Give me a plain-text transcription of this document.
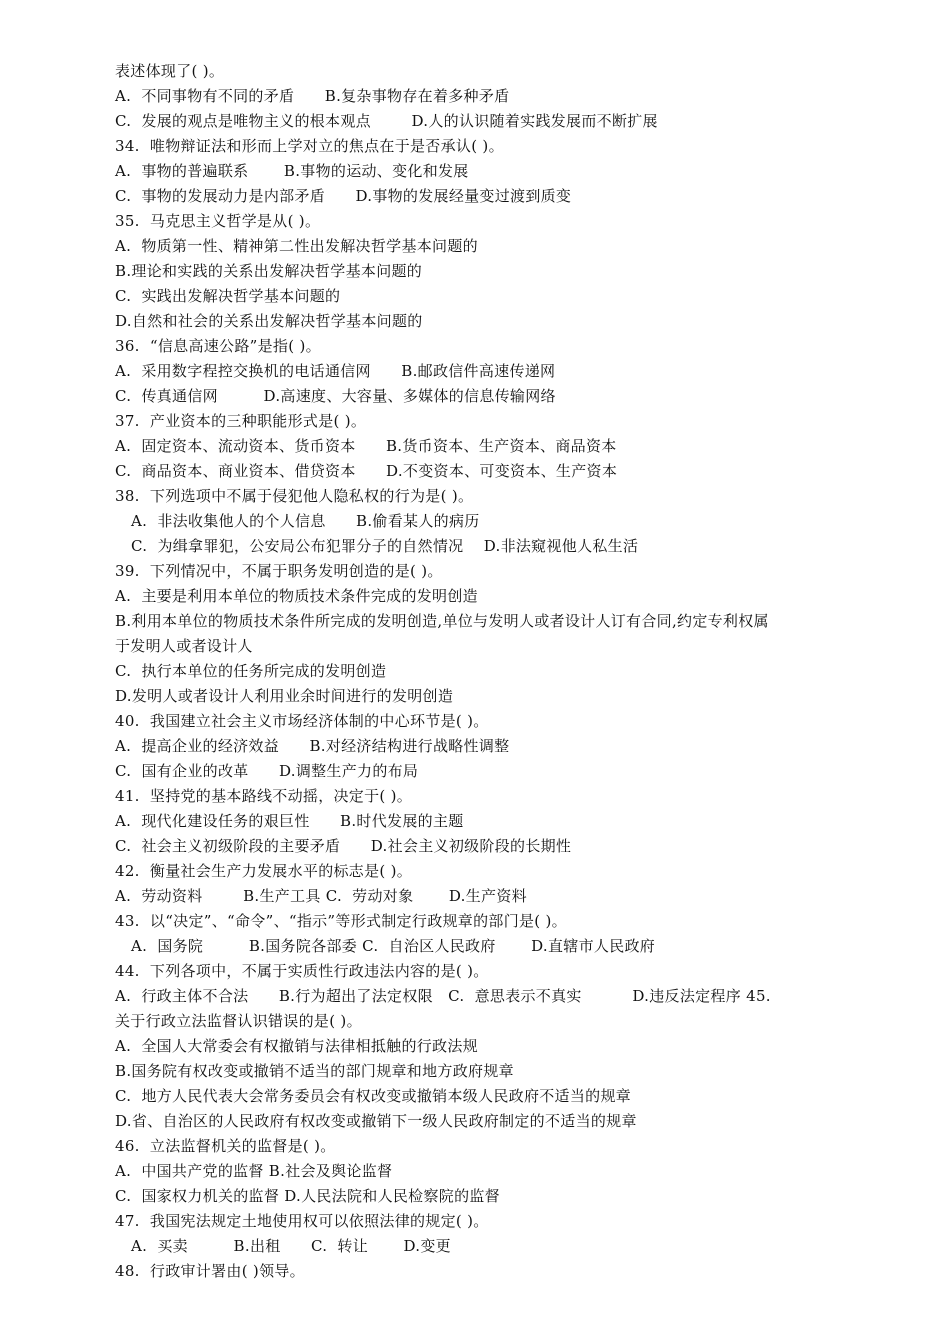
表述体现了( )。
A.  不同事物有不同的矛盾      B.复杂事物存在着多种矛盾
C.  发展的观点是唯物主义的根本观点        D.人的认识随着实践发展而不断扩展
34.  唯物辩证法和形而上学对立的焦点在于是否承认( )。
A.  事物的普遍联系       B.事物的运动、变化和发展
C.  事物的发展动力是内部矛盾      D.事物的发展经量变过渡到质变
35.  马克思主义哲学是从( )。
A.  物质第一性、精神第二性出发解决哲学基本问题的
B.理论和实践的关系出发解决哲学基本问题的
C.  实践出发解决哲学基本问题的
D.自然和社会的关系出发解决哲学基本问题的
36.  “信息高速公路”是指( )。
A.  采用数字程控交换机的电话通信网      B.邮政信件高速传递网
C.  传真通信网         D.高速度、大容量、多媒体的信息传输网络
37.  产业资本的三种职能形式是( )。
A.  固定资本、流动资本、货币资本      B.货币资本、生产资本、商品资本
C.  商品资本、商业资本、借贷资本      D.不变资本、可变资本、生产资本
38.  下列选项中不属于侵犯他人隐私权的行为是( )。
A.  非法收集他人的个人信息      B.偷看某人的病历
C.  为缉拿罪犯，公安局公布犯罪分子的自然情况    D.非法窥视他人私生活
39.  下列情况中，不属于职务发明创造的是( )。
A.  主要是利用本单位的物质技术条件完成的发明创造
B.利用本单位的物质技术条件所完成的发明创造,单位与发明人或者设计人订有合同,约定专利权属
于发明人或者设计人
C.  执行本单位的任务所完成的发明创造
D.发明人或者设计人利用业余时间进行的发明创造
40.  我国建立社会主义市场经济体制的中心环节是( )。
A.  提高企业的经济效益      B.对经济结构进行战略性调整
C.  国有企业的改革      D.调整生产力的布局
41.  坚持党的基本路线不动摇，决定于( )。
A.  现代化建设任务的艰巨性      B.时代发展的主题
C.  社会主义初级阶段的主要矛盾      D.社会主义初级阶段的长期性
42.  衡量社会生产力发展水平的标志是( )。
A.  劳动资料        B.生产工具 C.  劳动对象       D.生产资料
43.  以“决定”、“命令”、“指示”等形式制定行政规章的部门是( )。
A.  国务院         B.国务院各部委 C.  自治区人民政府       D.直辖市人民政府
44.  下列各项中，不属于实质性行政违法内容的是( )。
A.  行政主体不合法      B.行为超出了法定权限   C.  意思表示不真实          D.违反法定程序 45.
关于行政立法监督认识错误的是( )。
A.  全国人大常委会有权撤销与法律相抵触的行政法规
B.国务院有权改变或撤销不适当的部门规章和地方政府规章
C.  地方人民代表大会常务委员会有权改变或撤销本级人民政府不适当的规章
D.省、自治区的人民政府有权改变或撤销下一级人民政府制定的不适当的规章
46.  立法监督机关的监督是( )。
A.  中国共产党的监督 B.社会及舆论监督
C.  国家权力机关的监督 D.人民法院和人民检察院的监督
47.  我国宪法规定土地使用权可以依照法律的规定( )。
A.  买卖         B.出租      C.  转让       D.变更
48.  行政审计署由( )领导。
